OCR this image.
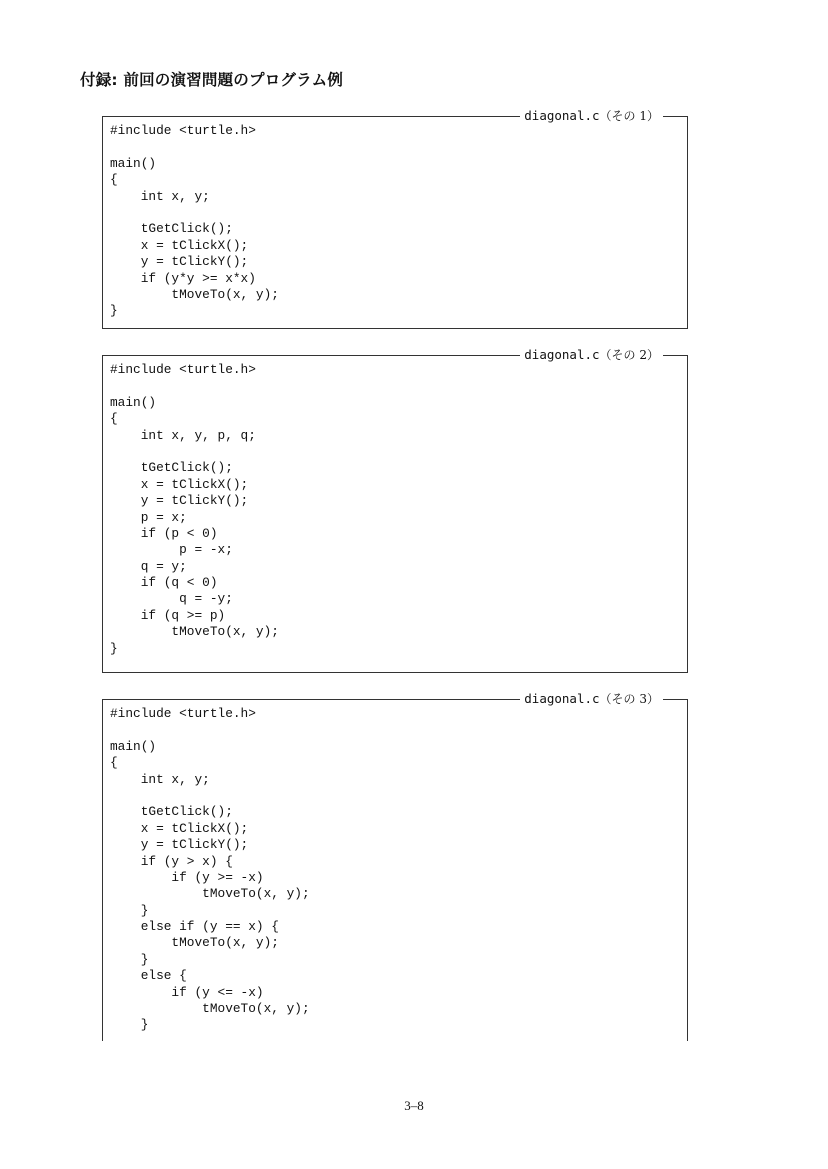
付録: 前回の演習問題のプログラム例
diagonal.c（その 1）
#include <turtle.h>
main()
{
int x, y;
tGetClick();
x = tClickX();
y = tClickY();
if (y*y >= x*x)
tMoveTo(x, y);
}
diagonal.c（その 2）
#include <turtle.h>
main()
{
int x, y, p, q;
tGetClick();
x = tClickX();
y = tClickY();
p = x;
if (p < 0)
p = -x;
q = y;
if (q < 0)
q = -y;
if (q >= p)
tMoveTo(x, y);
}
diagonal.c（その 3）
#include <turtle.h>
main()
{
int x, y;
tGetClick();
x = tClickX();
y = tClickY();
if (y > x) {
if (y >= -x)
tMoveTo(x, y);
}
else if (y == x) {
tMoveTo(x, y);
}
else {
if (y <= -x)
tMoveTo(x, y);
}
3–8
